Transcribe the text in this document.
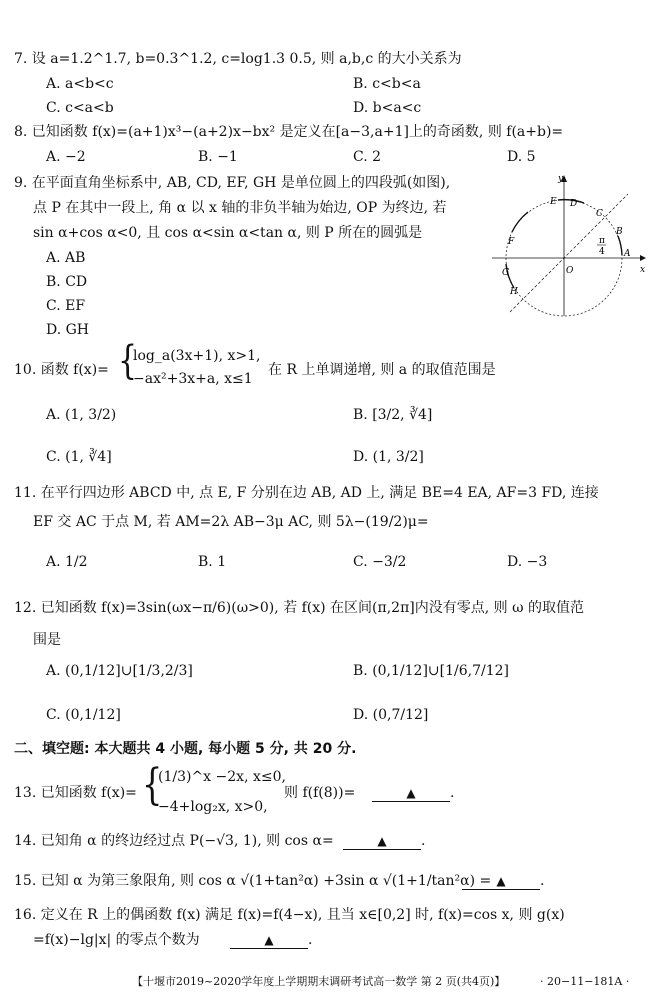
7. 设 a=1.2^1.7, b=0.3^1.2, c=log1.3 0.5, 则 a,b,c 的大小关系为
A. a<b<c	B. c<b<a
C. c<a<b	D. b<a<c
8. 已知函数 f(x)=(a+1)x³−(a+2)x−bx² 是定义在[a−3,a+1]上的奇函数, 则 f(a+b)=
A. −2	B. −1	C. 2	D. 5
9. 在平面直角坐标系中, AB, CD, EF, GH 是单位圆上的四段弧(如图),
点 P 在其中一段上, 角 α 以 x 轴的非负半轴为始边, OP 为终边, 若
sin α+cos α<0, 且 cos α<sin α<tan α, 则 P 所在的圆弧是
A. AB
B. CD
C. EF
D. GH
y
x
O
A
B
C
D
E
F
G
H
π
4
10. 函数 f(x)= {
log_a(3x+1), x>1,
−ax²+3x+a, x≤1
在 R 上单调递增, 则 a 的取值范围是
A. (1, 3/2)	B. [3/2, ∛4]
C. (1, ∛4]	D. (1, 3/2]
11. 在平行四边形 ABCD 中, 点 E, F 分别在边 AB, AD 上, 满足 BE=4 EA, AF=3 FD, 连接
EF 交 AC 于点 M, 若 AM=2λ AB−3μ AC, 则 5λ−(19/2)μ=
A. 1/2	B. 1	C. −3/2	D. −3
12. 已知函数 f(x)=3sin(ωx−π/6)(ω>0), 若 f(x) 在区间(π,2π]内没有零点, 则 ω 的取值范
围是
A. (0,1/12]∪[1/3,2/3]	B. (0,1/12]∪[1/6,7/12]
C. (0,1/12]	D. (0,7/12]
二、填空题: 本大题共 4 小题, 每小题 5 分, 共 20 分.
13. 已知函数 f(x)= {
(1/3)^x −2x, x≤0,
−4+log₂x, x>0,
则 f(f(8))=	▲ .
14. 已知角 α 的终边经过点 P(−√3, 1), 则 cos α=	▲ .
15. 已知 α 为第三象限角, 则 cos α √(1+tan²α) +3sin α √(1+1/tan²α) = ▲ .
16. 定义在 R 上的偶函数 f(x) 满足 f(x)=f(4−x), 且当 x∈[0,2] 时, f(x)=cos x, 则 g(x)
=f(x)−lg|x| 的零点个数为	▲ .
【十堰市2019~2020学年度上学期期末调研考试高一数学 第 2 页(共4页)】	· 20−11−181A ·
